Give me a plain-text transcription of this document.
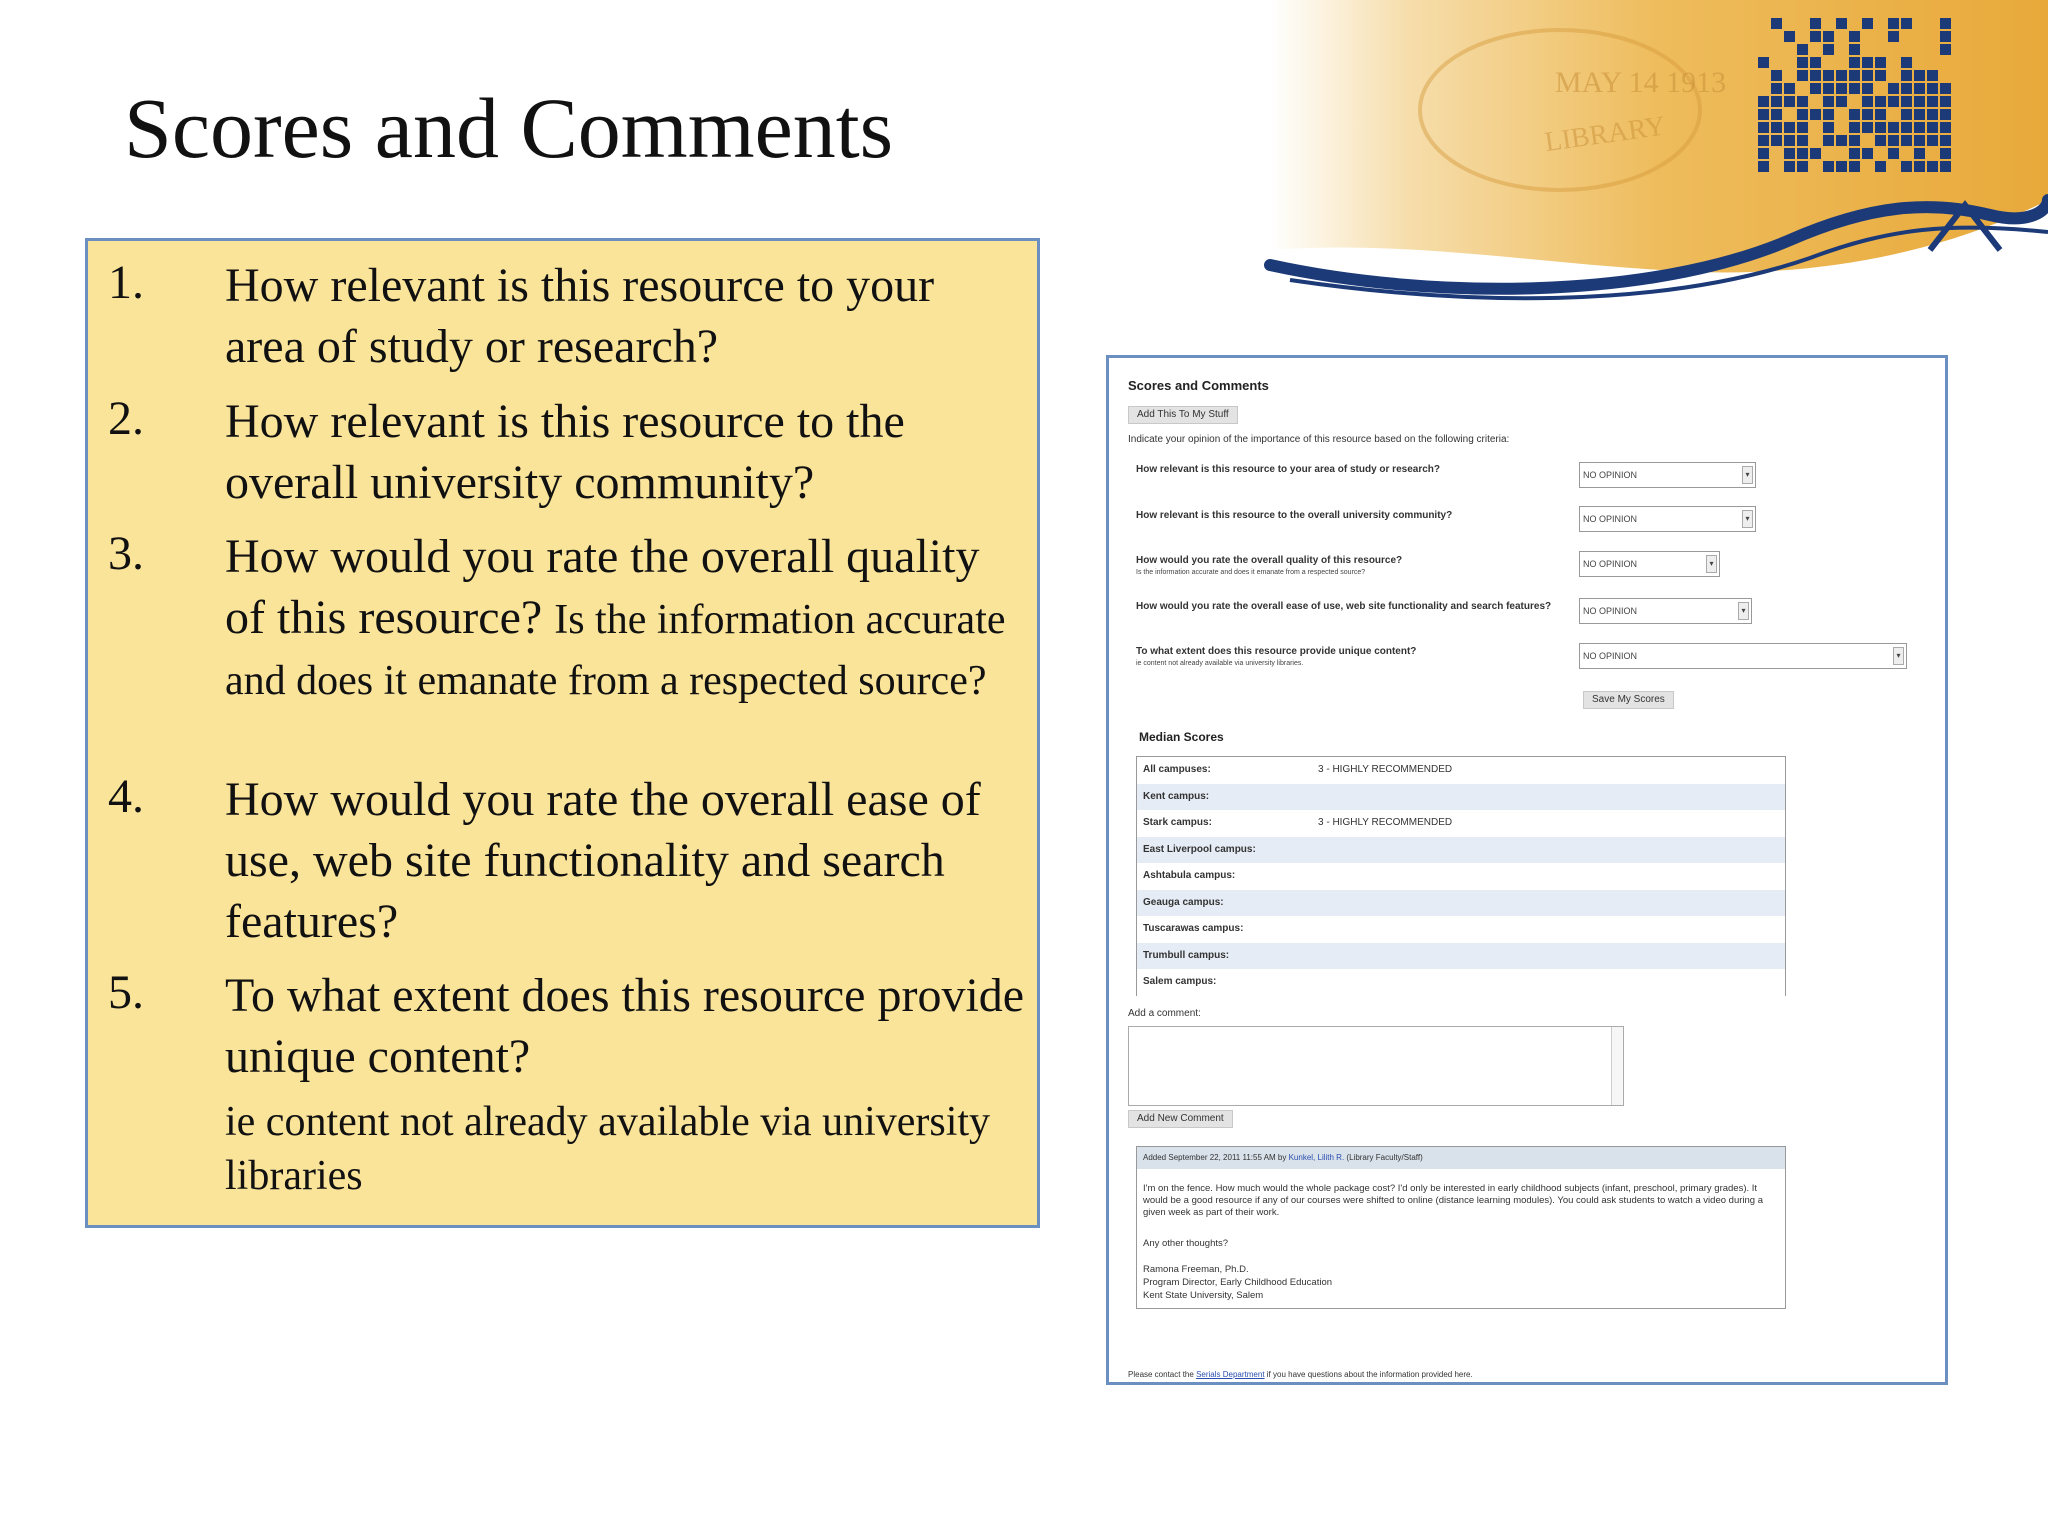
MAY 14 1913
LIBRARY
Scores and Comments
1. How relevant is this resource to your area of study or research?
2. How relevant is this resource to the overall university community?
3. How would you rate the overall quality of this resource? Is the information accurate and does it emanate from a respected source?
4. How would you rate the overall ease of use, web site functionality and search features?
5. To what extent does this resource provide unique content?
ie content not already available via university libraries
Scores and Comments
Add This To My Stuff
Indicate your opinion of the importance of this resource based on the following criteria:
How relevant is this resource to your area of study or research?	NO OPINION	▾
How relevant is this resource to the overall university community?	NO OPINION	▾
How would you rate the overall quality of this resource?
Is the information accurate and does it emanate from a respected source?
NO OPINION	▾
How would you rate the overall ease of use, web site functionality and search features?	NO OPINION	▾
To what extent does this resource provide unique content?
ie content not already available via university libraries.
NO OPINION	▾
Save My Scores
Median Scores
All campuses:	3 - HIGHLY RECOMMENDED
Kent campus:
Stark campus:	3 - HIGHLY RECOMMENDED
East Liverpool campus:
Ashtabula campus:
Geauga campus:
Tuscarawas campus:
Trumbull campus:
Salem campus:
Add a comment:
Add New Comment
Added September 22, 2011 11:55 AM by Kunkel, Lilith R. (Library Faculty/Staff)
I'm on the fence. How much would the whole package cost? I'd only be interested in early childhood subjects (infant, preschool, primary grades). It would be a good resource if any of our courses were shifted to online (distance learning modules). You could ask students to watch a video during a given week as part of their work.
Any other thoughts?
Ramona Freeman, Ph.D.
Program Director, Early Childhood Education
Kent State University, Salem
Please contact the Serials Department if you have questions about the information provided here.
